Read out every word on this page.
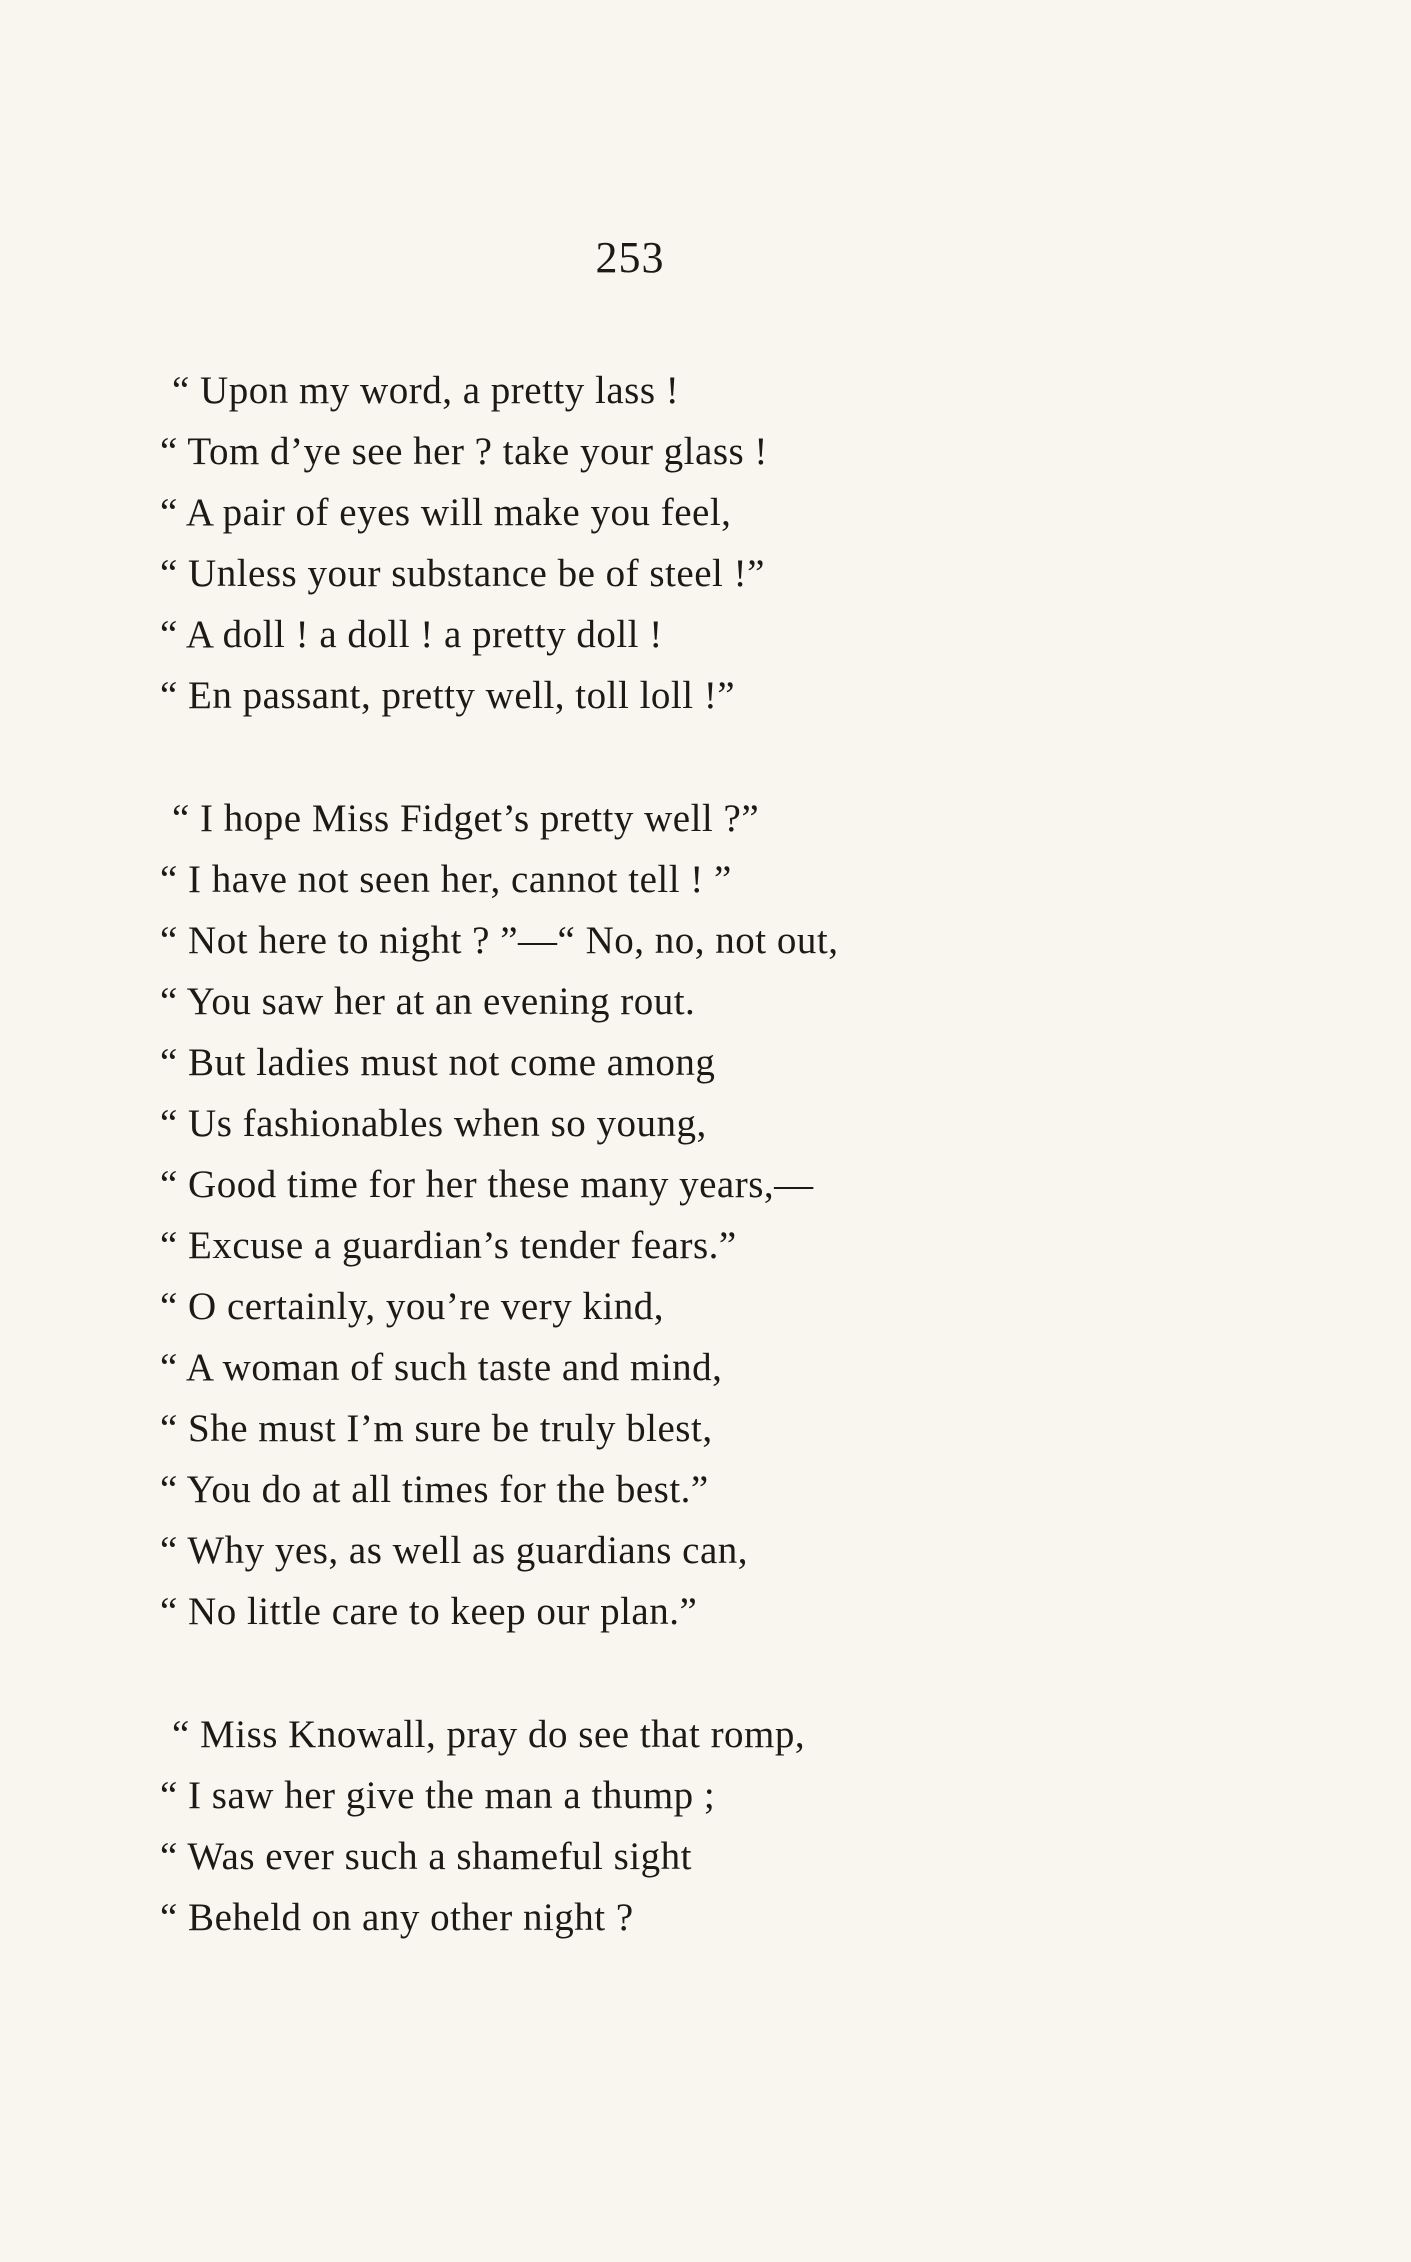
253
“ Upon my word, a pretty lass !
“ Tom d’ye see her ? take your glass !
“ A pair of eyes will make you feel,
“ Unless your substance be of steel !”
“ A doll ! a doll ! a pretty doll !
“ En passant, pretty well, toll loll !”
“ I hope Miss Fidget’s pretty well ?”
“ I have not seen her, cannot tell ! ”
“ Not here to night ? ”—“ No, no, not out,
“ You saw her at an evening rout.
“ But ladies must not come among
“ Us fashionables when so young,
“ Good time for her these many years,—
“ Excuse a guardian’s tender fears.”
“ O certainly, you’re very kind,
“ A woman of such taste and mind,
“ She must I’m sure be truly blest,
“ You do at all times for the best.”
“ Why yes, as well as guardians can,
“ No little care to keep our plan.”
“ Miss Knowall, pray do see that romp,
“ I saw her give the man a thump ;
“ Was ever such a shameful sight
“ Beheld on any other night ?
